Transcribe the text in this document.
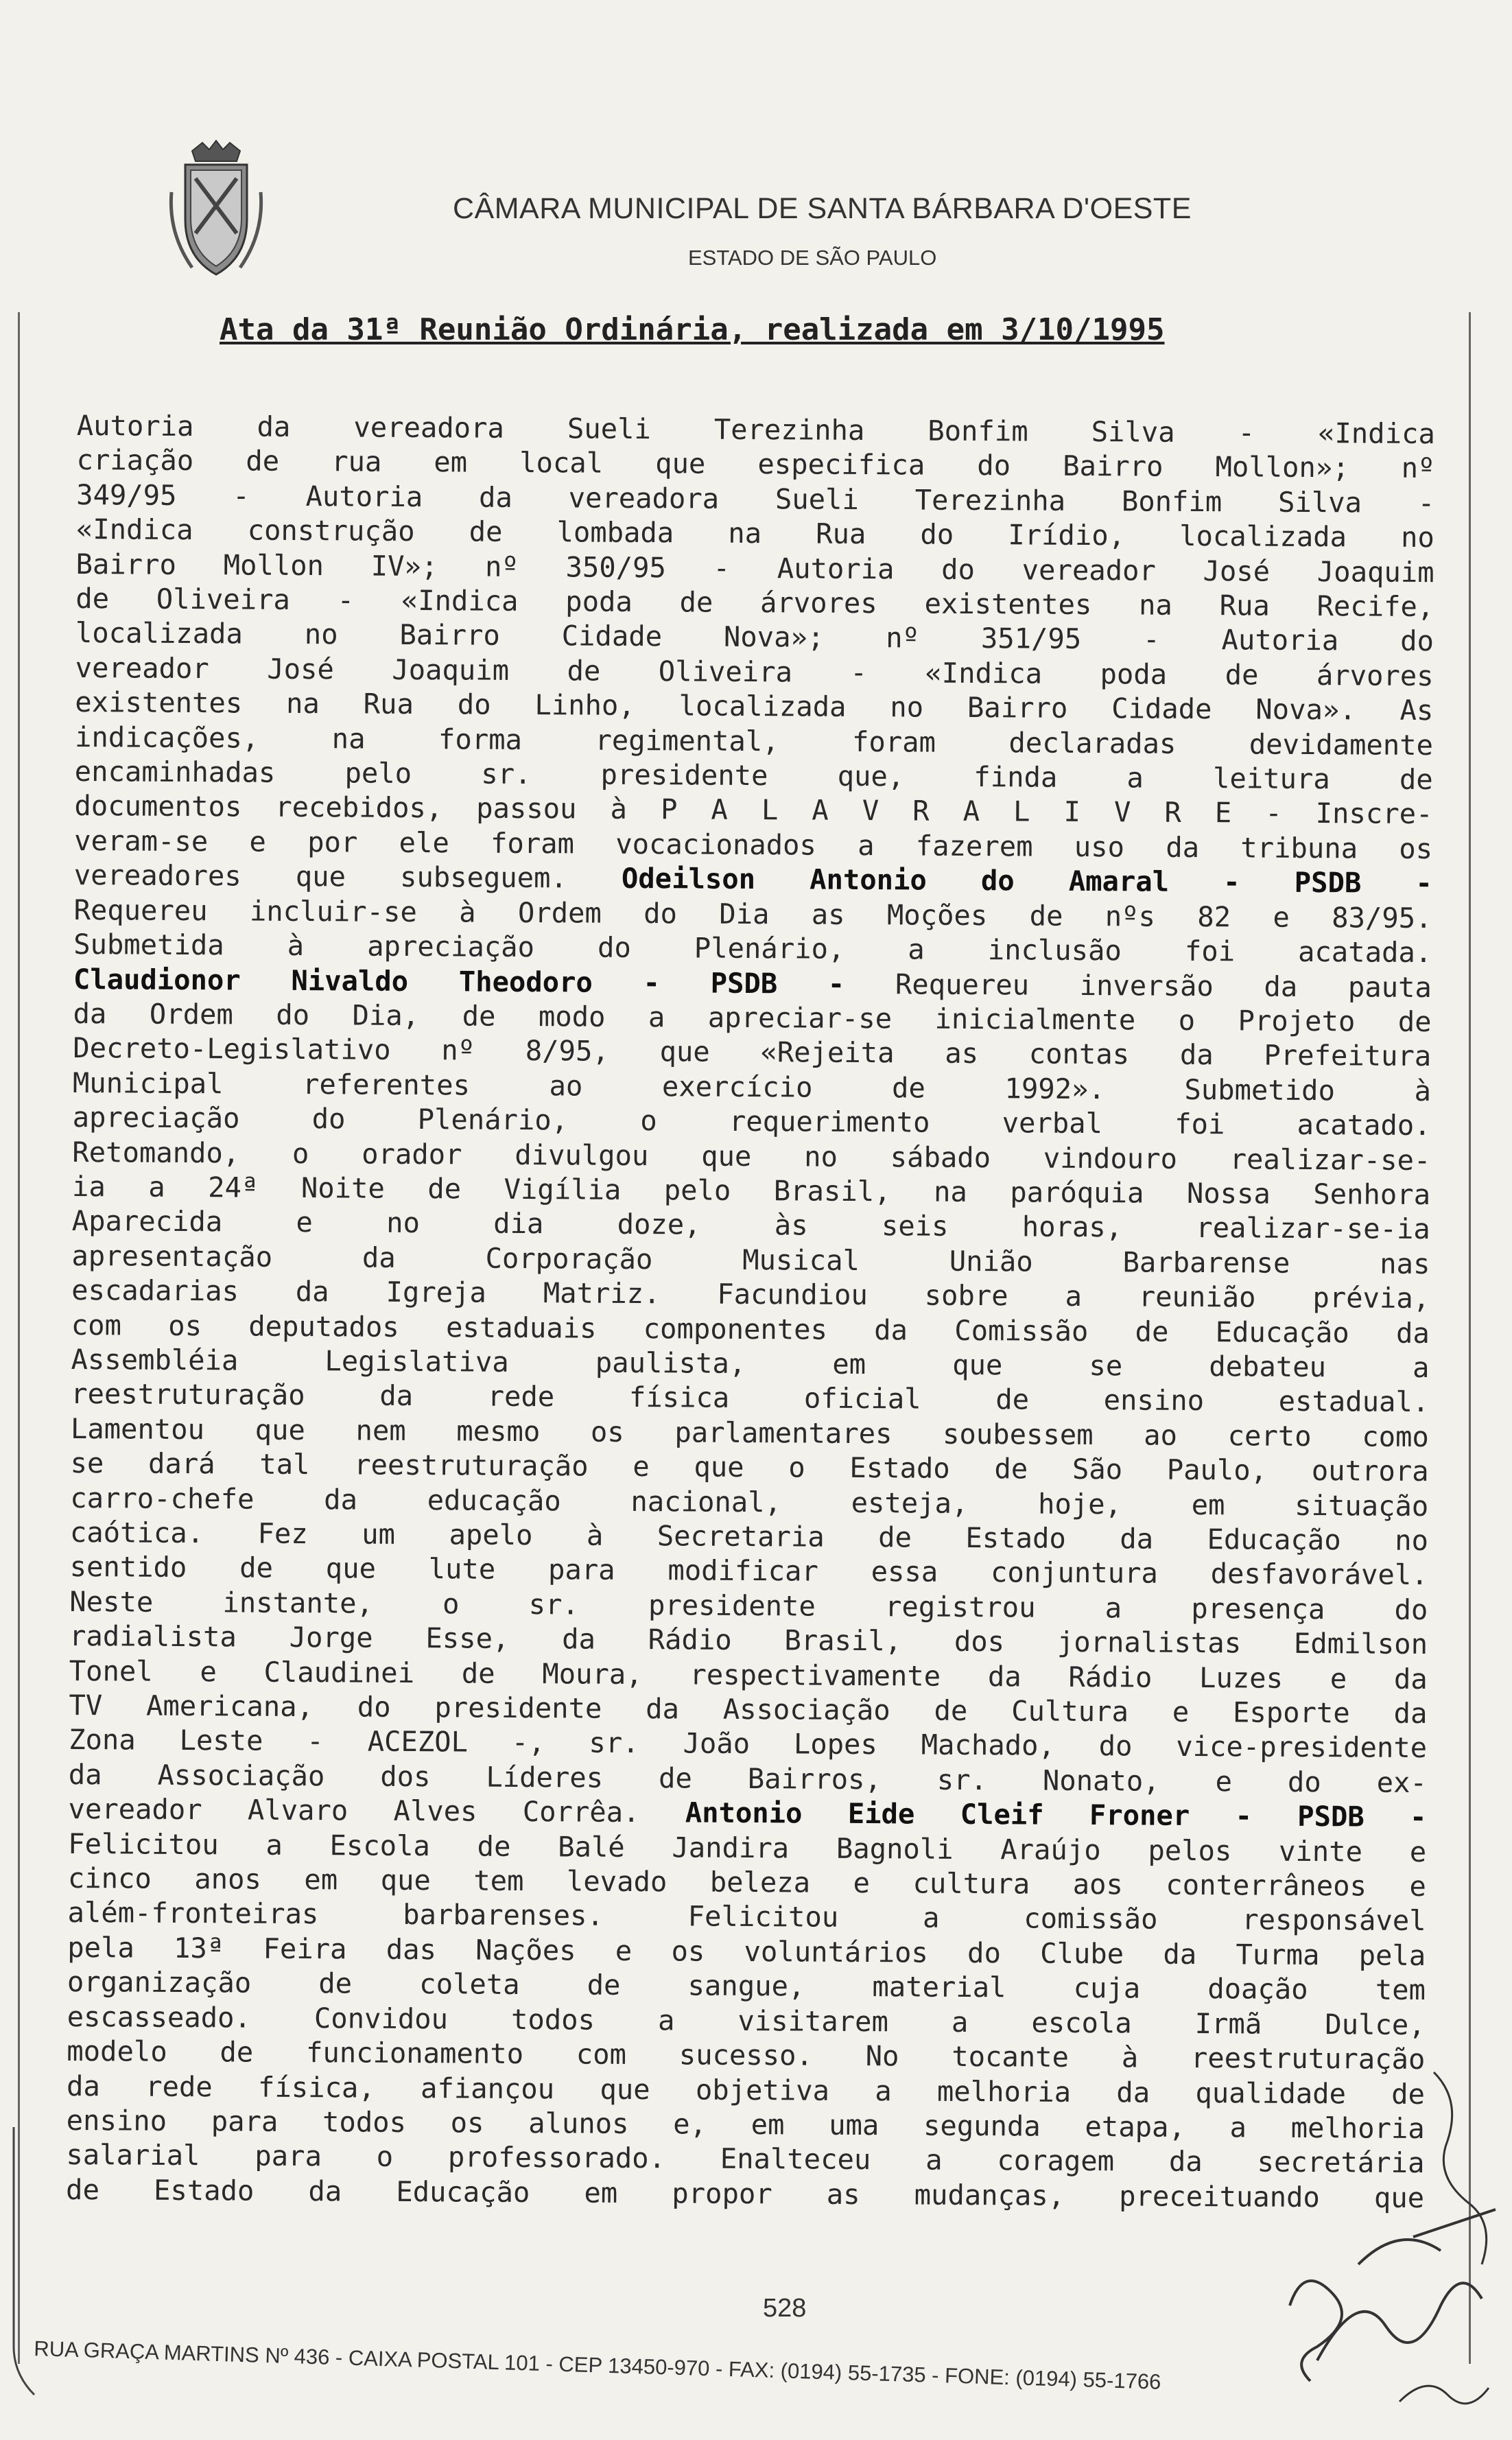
CÂMARA MUNICIPAL DE SANTA BÁRBARA D'OESTE
ESTADO DE SÃO PAULO
Ata da 31ª Reunião Ordinária, realizada em 3/10/1995
Autoria da vereadora Sueli Terezinha Bonfim Silva - «Indica
criação de rua em local que especifica do Bairro Mollon»; nº
349/95 - Autoria da vereadora Sueli Terezinha Bonfim Silva -
«Indica construção de lombada na Rua do Irídio, localizada no
Bairro Mollon IV»; nº 350/95 - Autoria do vereador José Joaquim
de Oliveira - «Indica poda de árvores existentes na Rua Recife,
localizada no Bairro Cidade Nova»; nº 351/95 - Autoria do
vereador José Joaquim de Oliveira - «Indica poda de árvores
existentes na Rua do Linho, localizada no Bairro Cidade Nova». As
indicações, na forma regimental, foram declaradas devidamente
encaminhadas pelo sr. presidente que, finda a leitura de
documentos recebidos, passou à P A L A V R A L I V R E - Inscre-
veram-se e por ele foram vocacionados a fazerem uso da tribuna os
vereadores que subseguem. Odeilson Antonio do Amaral - PSDB -
Requereu incluir-se à Ordem do Dia as Moções de nºs 82 e 83/95.
Submetida à apreciação do Plenário, a inclusão foi acatada.
Claudionor Nivaldo Theodoro - PSDB - Requereu inversão da pauta
da Ordem do Dia, de modo a apreciar-se inicialmente o Projeto de
Decreto-Legislativo nº 8/95, que «Rejeita as contas da Prefeitura
Municipal referentes ao exercício de 1992». Submetido à
apreciação do Plenário, o requerimento verbal foi acatado.
Retomando, o orador divulgou que no sábado vindouro realizar-se-
ia a 24ª Noite de Vigília pelo Brasil, na paróquia Nossa Senhora
Aparecida e no dia doze, às seis horas, realizar-se-ia
apresentação da Corporação Musical União Barbarense nas
escadarias da Igreja Matriz. Facundiou sobre a reunião prévia,
com os deputados estaduais componentes da Comissão de Educação da
Assembléia Legislativa paulista, em que se debateu a
reestruturação da rede física oficial de ensino estadual.
Lamentou que nem mesmo os parlamentares soubessem ao certo como
se dará tal reestruturação e que o Estado de São Paulo, outrora
carro-chefe da educação nacional, esteja, hoje, em situação
caótica. Fez um apelo à Secretaria de Estado da Educação no
sentido de que lute para modificar essa conjuntura desfavorável.
Neste instante, o sr. presidente registrou a presença do
radialista Jorge Esse, da Rádio Brasil, dos jornalistas Edmilson
Tonel e Claudinei de Moura, respectivamente da Rádio Luzes e da
TV Americana, do presidente da Associação de Cultura e Esporte da
Zona Leste - ACEZOL -, sr. João Lopes Machado, do vice-presidente
da Associação dos Líderes de Bairros, sr. Nonato, e do ex-
vereador Alvaro Alves Corrêa. Antonio Eide Cleif Froner - PSDB -
Felicitou a Escola de Balé Jandira Bagnoli Araújo pelos vinte e
cinco anos em que tem levado beleza e cultura aos conterrâneos e
além-fronteiras barbarenses. Felicitou a comissão responsável
pela 13ª Feira das Nações e os voluntários do Clube da Turma pela
organização de coleta de sangue, material cuja doação tem
escasseado. Convidou todos a visitarem a escola Irmã Dulce,
modelo de funcionamento com sucesso. No tocante à reestruturação
da rede física, afiançou que objetiva a melhoria da qualidade de
ensino para todos os alunos e, em uma segunda etapa, a melhoria
salarial para o professorado. Enalteceu a coragem da secretária
de Estado da Educação em propor as mudanças, preceituando que
528
RUA GRAÇA MARTINS Nº 436 - CAIXA POSTAL 101 - CEP 13450-970 - FAX: (0194) 55-1735 - FONE: (0194) 55-1766
